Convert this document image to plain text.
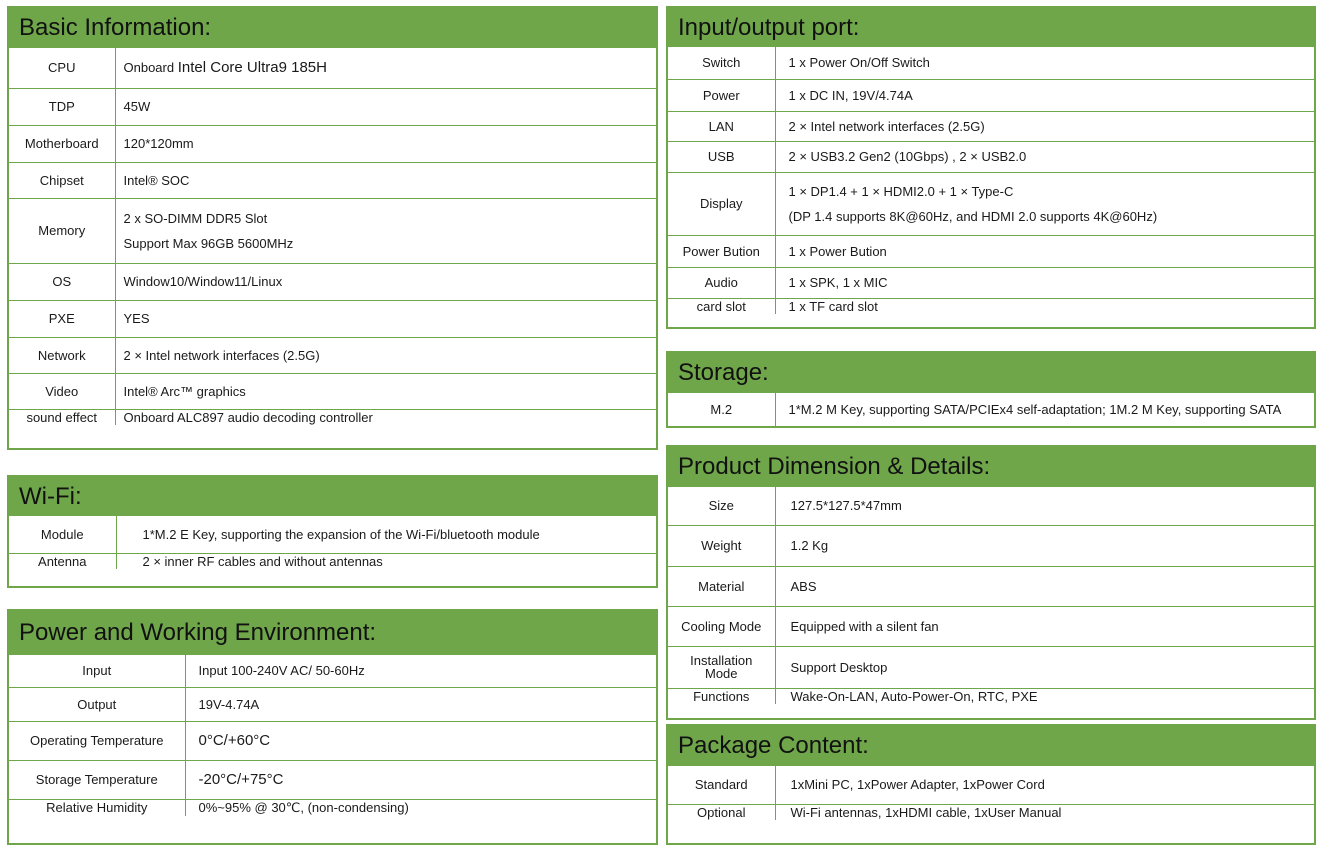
Basic Information:
CPU	Onboard Intel Core Ultra9 185H
TDP	45W
Motherboard	120*120mm
Chipset	Intel® SOC
Memory	2 x SO-DIMM DDR5 Slot
Support Max 96GB 5600MHz

OS	Window10/Window11/Linux
PXE	YES
Network	2 × Intel network interfaces (2.5G)
Video	Intel® Arc™ graphics
sound effect	Onboard ALC897 audio decoding controller
Wi-Fi:
Module	1*M.2 E Key, supporting the expansion of the Wi-Fi/bluetooth module
Antenna	2 × inner RF cables and without antennas
Power and Working Environment:
Input	Input 100-240V AC/ 50-60Hz
Output	19V-4.74A
Operating Temperature	0°C/+60°C
Storage Temperature	-20°C/+75°C
Relative Humidity	0%~95% @ 30℃, (non-condensing)
Input/output port:
Switch	1 x Power On/Off Switch
Power	1 x DC IN, 19V/4.74A
LAN	2 × Intel network interfaces (2.5G)
USB	2 × USB3.2 Gen2 (10Gbps) , 2 × USB2.0
Display	1 × DP1.4 + 1 × HDMI2.0 + 1 × Type-C
(DP 1.4 supports 8K@60Hz, and HDMI 2.0 supports 4K@60Hz)

Power Bution	1 x Power Bution
Audio	1 x SPK, 1 x MIC
card slot	1 x TF card slot
Storage:
M.2	1*M.2 M Key, supporting SATA/PCIEx4 self-adaptation; 1M.2 M Key, supporting SATA
Product Dimension & Details:
Size	127.5*127.5*47mm
Weight	1.2 Kg
Material	ABS
Cooling Mode	Equipped with a silent fan
Installation
Mode	Support Desktop
Functions	Wake-On-LAN, Auto-Power-On, RTC, PXE
Package Content:
Standard	1xMini PC, 1xPower Adapter, 1xPower Cord
Optional	Wi-Fi antennas, 1xHDMI cable, 1xUser Manual
